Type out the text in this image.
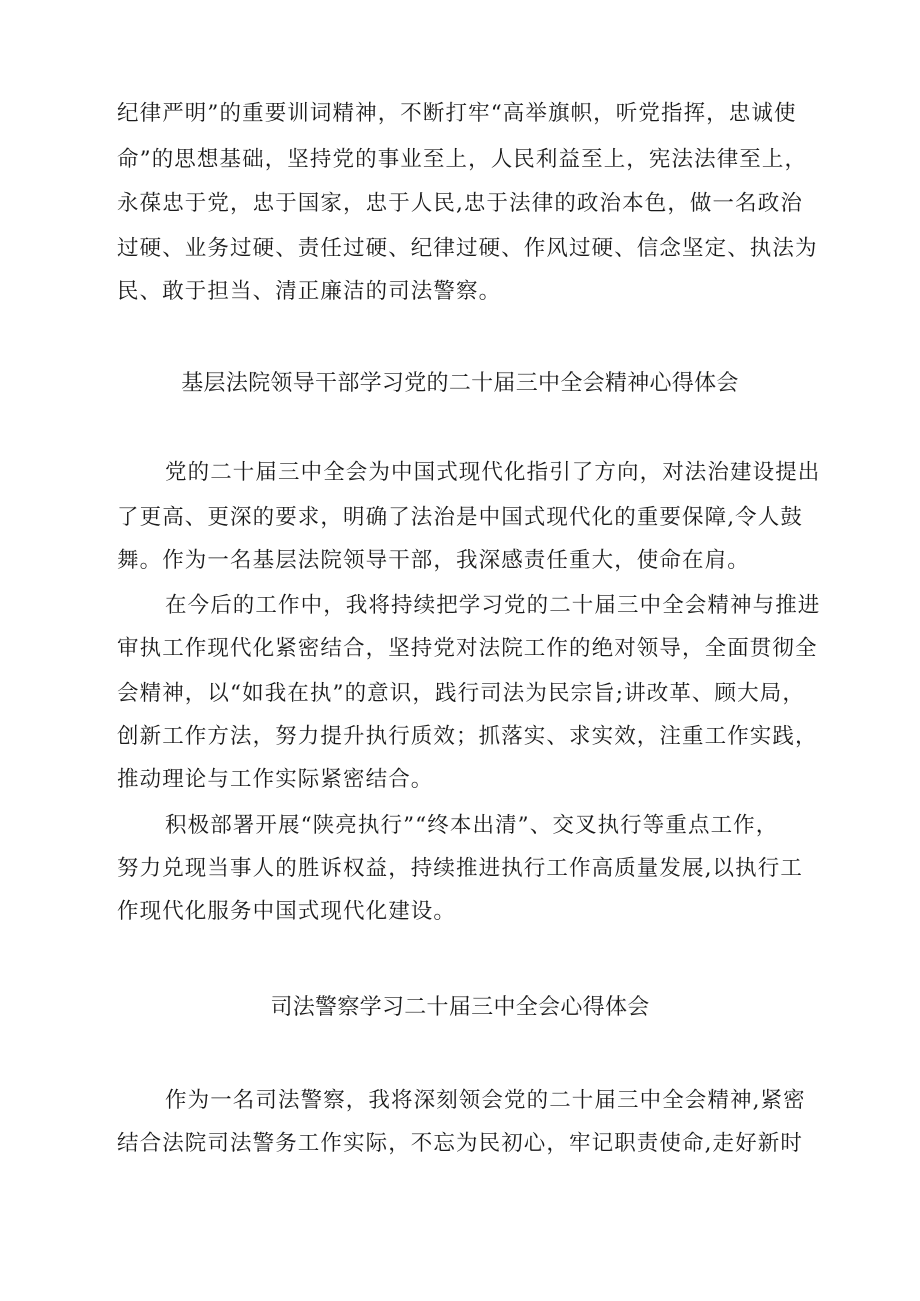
纪律严明”的重要训词精神，不断打牢“高举旗帜，听党指挥，忠诚使
命”的思想基础，坚持党的事业至上，人民利益至上，宪法法律至上，
永葆忠于党，忠于国家，忠于人民,忠于法律的政治本色，做一名政治
过硬、业务过硬、责任过硬、纪律过硬、作风过硬、信念坚定、执法为
民、敢于担当、清正廉洁的司法警察。
基层法院领导干部学习党的二十届三中全会精神心得体会
党的二十届三中全会为中国式现代化指引了方向，对法治建设提出
了更高、更深的要求，明确了法治是中国式现代化的重要保障,令人鼓
舞。作为一名基层法院领导干部，我深感责任重大，使命在肩。
在今后的工作中，我将持续把学习党的二十届三中全会精神与推进
审执工作现代化紧密结合，坚持党对法院工作的绝对领导，全面贯彻全
会精神，以“如我在执”的意识，践行司法为民宗旨;讲改革、顾大局，
创新工作方法，努力提升执行质效；抓落实、求实效，注重工作实践，
推动理论与工作实际紧密结合。
积极部署开展“陕亮执行”“终本出清”、交叉执行等重点工作，
努力兑现当事人的胜诉权益，持续推进执行工作高质量发展,以执行工
作现代化服务中国式现代化建设。
司法警察学习二十届三中全会心得体会
作为一名司法警察，我将深刻领会党的二十届三中全会精神,紧密
结合法院司法警务工作实际，不忘为民初心，牢记职责使命,走好新时
